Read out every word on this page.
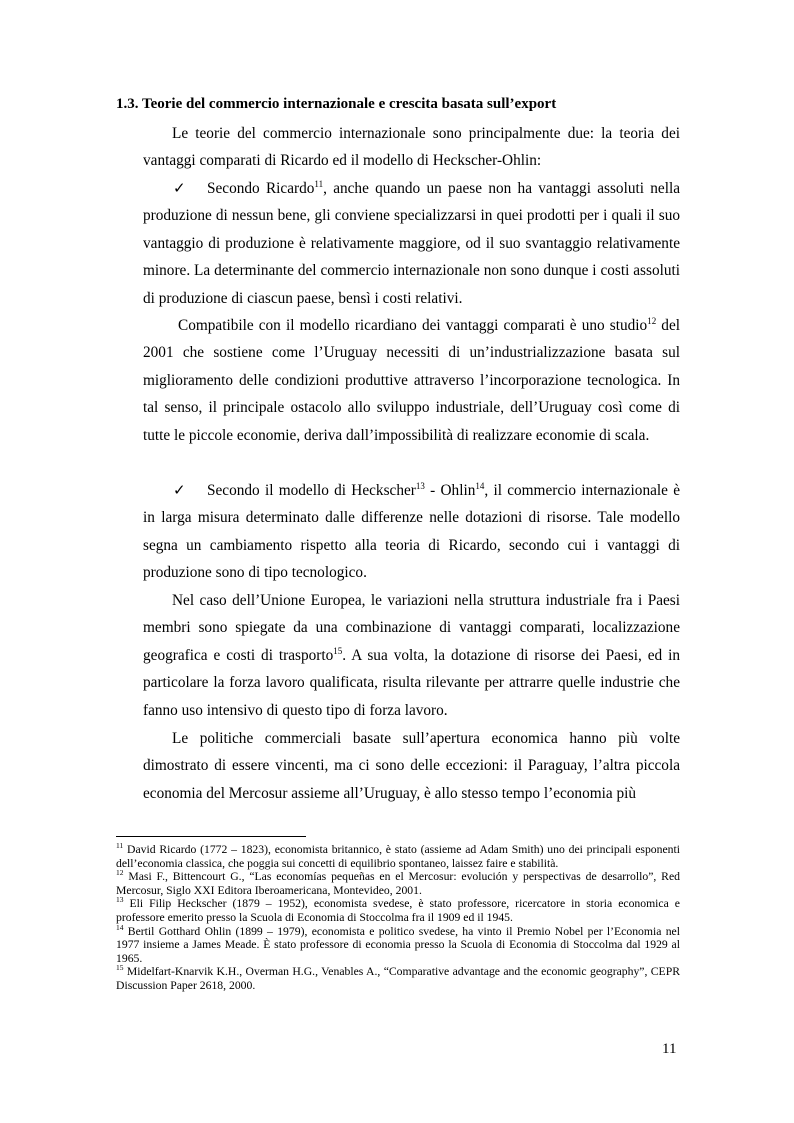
1.3. Teorie del commercio internazionale e crescita basata sull’export

Le teorie del commercio internazionale sono principalmente due: la teoria dei vantaggi comparati di Ricardo ed il modello di Heckscher-Ohlin:

✓ Secondo Ricardo$^{11}$, anche quando un paese non ha vantaggi assoluti nella produzione di nessun bene, gli conviene specializzarsi in quei prodotti per i quali il suo vantaggio di produzione è relativamente maggiore, od il suo svantaggio relativamente minore. La determinante del commercio internazionale non sono dunque i costi assoluti di produzione di ciascun paese, bensì i costi relativi.

Compatibile con il modello ricardiano dei vantaggi comparati è uno studio$^{12}$ del 2001 che sostiene come l’Uruguay necessiti di un’industrializzazione basata sul miglioramento delle condizioni produttive attraverso l’incorporazione tecnologica. In tal senso, il principale ostacolo allo sviluppo industriale, dell’Uruguay così come di tutte le piccole economie, deriva dall’impossibilità di realizzare economie di scala.

✓ Secondo il modello di Heckscher$^{13}$ - Ohlin$^{14}$, il commercio internazionale è in larga misura determinato dalle differenze nelle dotazioni di risorse. Tale modello segna un cambiamento rispetto alla teoria di Ricardo, secondo cui i vantaggi di produzione sono di tipo tecnologico.

Nel caso dell’Unione Europea, le variazioni nella struttura industriale fra i Paesi membri sono spiegate da una combinazione di vantaggi comparati, localizzazione geografica e costi di trasporto$^{15}$. A sua volta, la dotazione di risorse dei Paesi, ed in particolare la forza lavoro qualificata, risulta rilevante per attrarre quelle industrie che fanno uso intensivo di questo tipo di forza lavoro.

Le politiche commerciali basate sull’apertura economica hanno più volte dimostrato di essere vincenti, ma ci sono delle eccezioni: il Paraguay, l’altra piccola economia del Mercosur assieme all’Uruguay, è allo stesso tempo l’economia più

$^{11}$ David Ricardo (1772 – 1823), economista britannico, è stato (assieme ad Adam Smith) uno dei principali esponenti dell’economia classica, che poggia sui concetti di equilibrio spontaneo, laissez faire e stabilità.

$^{12}$ Masi F., Bittencourt G., “Las economías pequeñas en el Mercosur: evolución y perspectivas de desarrollo”, Red Mercosur, Siglo XXI Editora Iberoamericana, Montevideo, 2001.

$^{13}$ Eli Filip Heckscher (1879 – 1952), economista svedese, è stato professore, ricercatore in storia economica e professore emerito presso la Scuola di Economia di Stoccolma fra il 1909 ed il 1945.

$^{14}$ Bertil Gotthard Ohlin (1899 – 1979), economista e politico svedese, ha vinto il Premio Nobel per l’Economia nel 1977 insieme a James Meade. È stato professore di economia presso la Scuola di Economia di Stoccolma dal 1929 al 1965.

$^{15}$ Midelfart-Knarvik K.H., Overman H.G., Venables A., “Comparative advantage and the economic geography”, CEPR Discussion Paper 2618, 2000.

11
